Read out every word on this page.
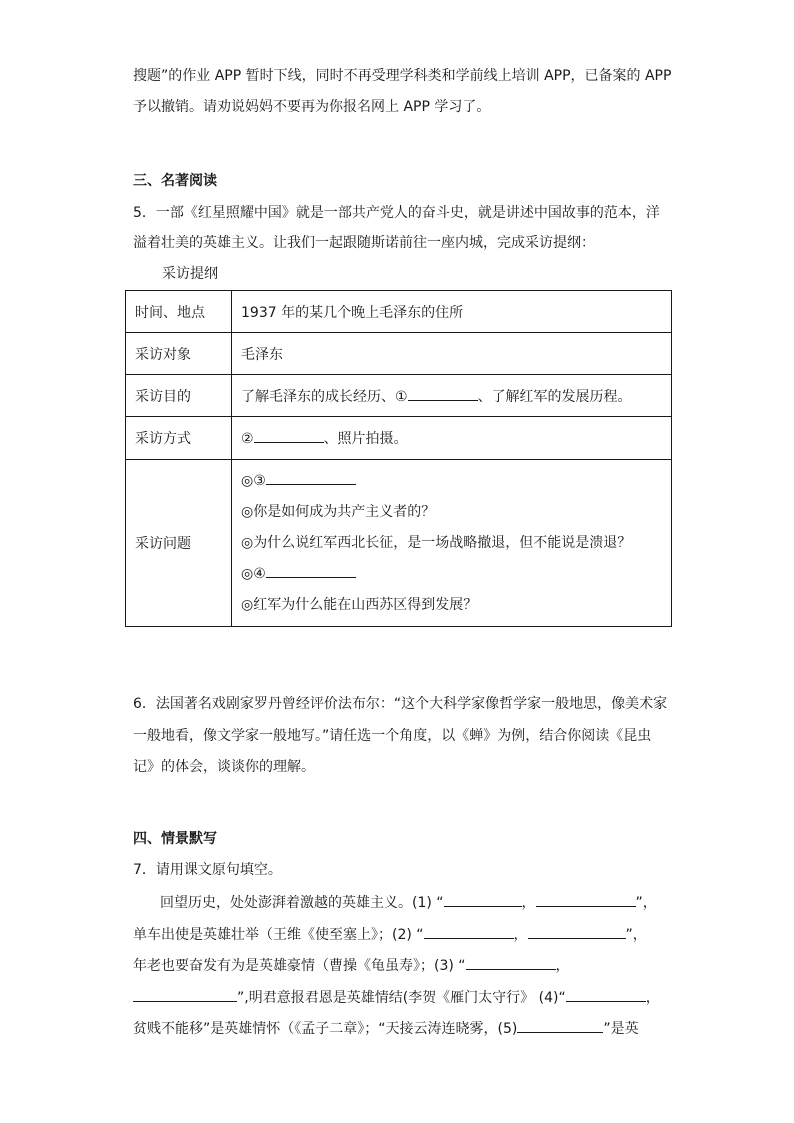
搜题”的作业 APP 暂时下线，同时不再受理学科类和学前线上培训 APP，已备案的 APP
予以撤销。请劝说妈妈不要再为你报名网上 APP 学习了。
三、名著阅读
5．一部《红星照耀中国》就是一部共产党人的奋斗史，就是讲述中国故事的范本，洋
溢着壮美的英雄主义。让我们一起跟随斯诺前往一座内城，完成采访提纲：
采访提纲
时间、地点	1937 年的某几个晚上毛泽东的住所
采访对象	毛泽东
采访目的	了解毛泽东的成长经历、① 、了解红军的发展历程。
采访方式	② 、照片拍摄。
采访问题	◎③
◎你是如何成为共产主义者的？
◎为什么说红军西北长征，是一场战略撤退，但不能说是溃退？
◎④
◎红军为什么能在山西苏区得到发展？
6．法国著名戏剧家罗丹曾经评价法布尔：“这个大科学家像哲学家一般地思，像美术家
一般地看，像文学家一般地写。”请任选一个角度，以《蝉》为例，结合你阅读《昆虫
记》的体会，谈谈你的理解。
四、情景默写
7．请用课文原句填空。
回望历史，处处澎湃着激越的英雄主义。(1) “	，	”，
单车出使是英雄壮举（王维《使至塞上》；(2) “	，	”，
年老也要奋发有为是英雄豪情（曹操《龟虽寿》；(3) “	，
”,明君意报君恩是英雄情结(李贺《雁门太守行》 (4)“	，
贫贱不能移”是英雄情怀（《孟子二章》；“天接云涛连晓雾，(5)	”是英
